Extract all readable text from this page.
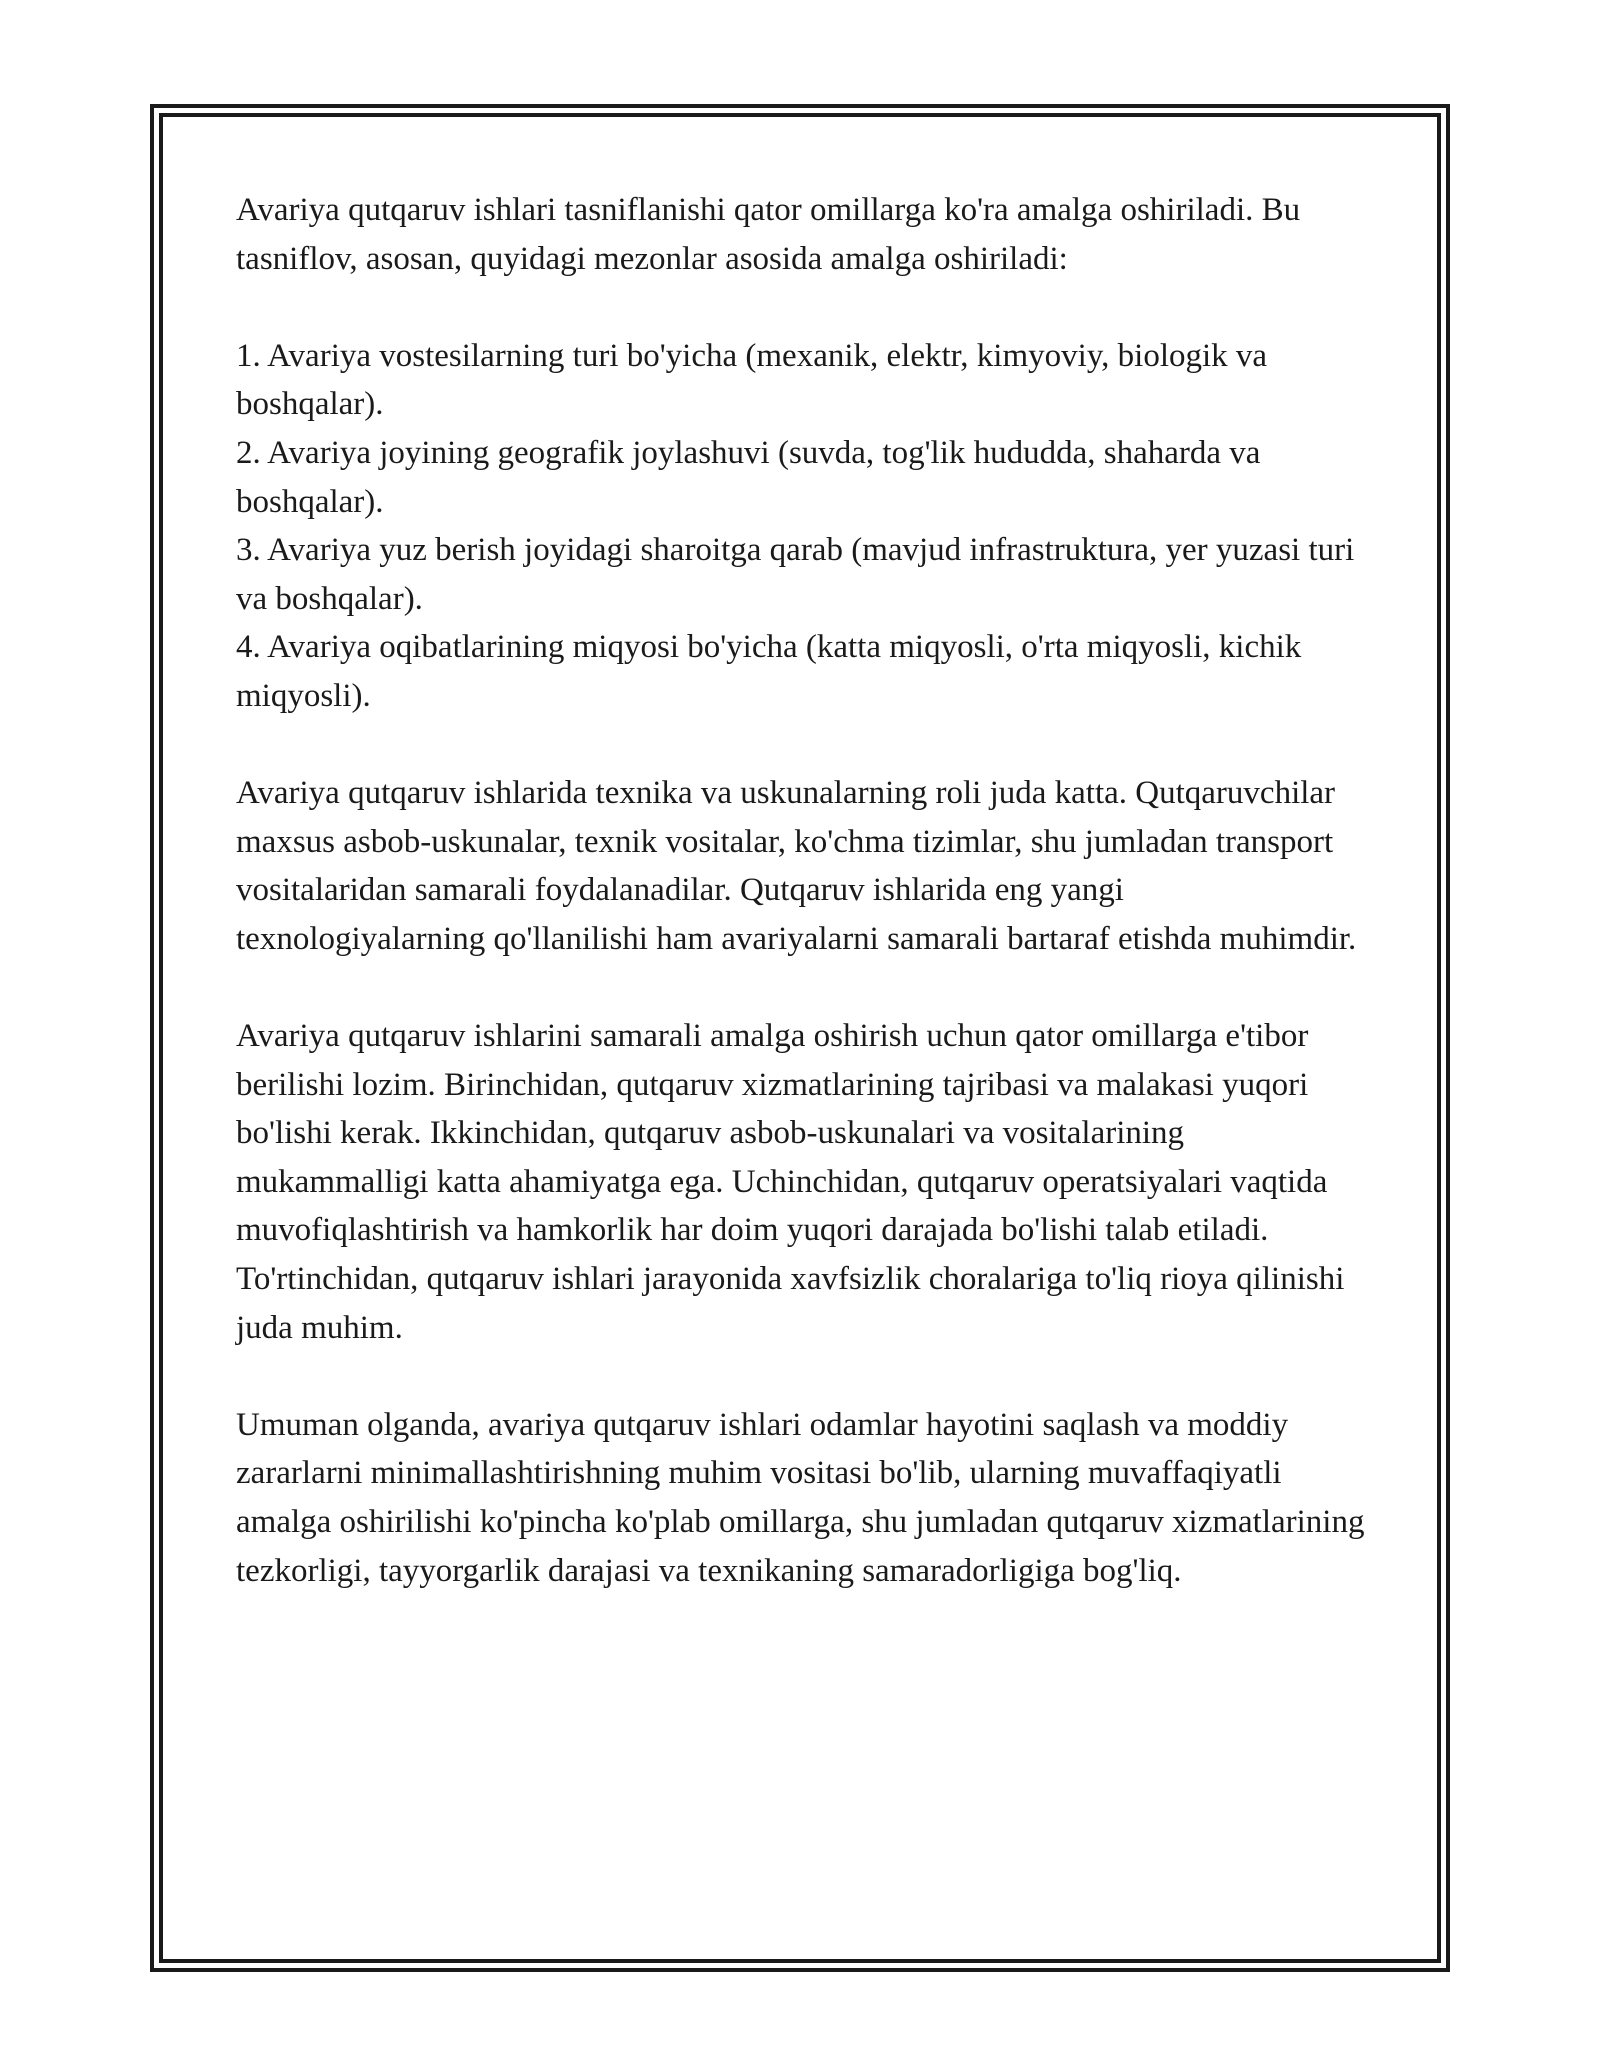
Avariya qutqaruv ishlari tasniflanishi qator omillarga ko'ra amalga oshiriladi. Bu tasniflov, asosan, quyidagi mezonlar asosida amalga oshiriladi:

1. Avariya vostesilarning turi bo'yicha (mexanik, elektr, kimyoviy, biologik va boshqalar).
2. Avariya joyining geografik joylashuvi (suvda, tog'lik hududda, shaharda va boshqalar).
3. Avariya yuz berish joyidagi sharoitga qarab (mavjud infrastruktura, yer yuzasi turi va boshqalar).
4. Avariya oqibatlarining miqyosi bo'yicha (katta miqyosli, o'rta miqyosli, kichik miqyosli).

Avariya qutqaruv ishlarida texnika va uskunalarning roli juda katta. Qutqaruvchilar maxsus asbob-uskunalar, texnik vositalar, ko'chma tizimlar, shu jumladan transport vositalaridan samarali foydalanadilar. Qutqaruv ishlarida eng yangi texnologiyalarning qo'llanilishi ham avariyalarni samarali bartaraf etishda muhimdir.

Avariya qutqaruv ishlarini samarali amalga oshirish uchun qator omillarga e'tibor berilishi lozim. Birinchidan, qutqaruv xizmatlarining tajribasi va malakasi yuqori bo'lishi kerak. Ikkinchidan, qutqaruv asbob-uskunalari va vositalarining mukammalligi katta ahamiyatga ega. Uchinchidan, qutqaruv operatsiyalari vaqtida muvofiqlashtirish va hamkorlik har doim yuqori darajada bo'lishi talab etiladi. To'rtinchidan, qutqaruv ishlari jarayonida xavfsizlik choralariga to'liq rioya qilinishi juda muhim.

Umuman olganda, avariya qutqaruv ishlari odamlar hayotini saqlash va moddiy zararlarni minimallashtirishning muhim vositasi bo'lib, ularning muvaffaqiyatli amalga oshirilishi ko'pincha ko'plab omillarga, shu jumladan qutqaruv xizmatlarining tezkorligi, tayyorgarlik darajasi va texnikaning samaradorligiga bog'liq.
